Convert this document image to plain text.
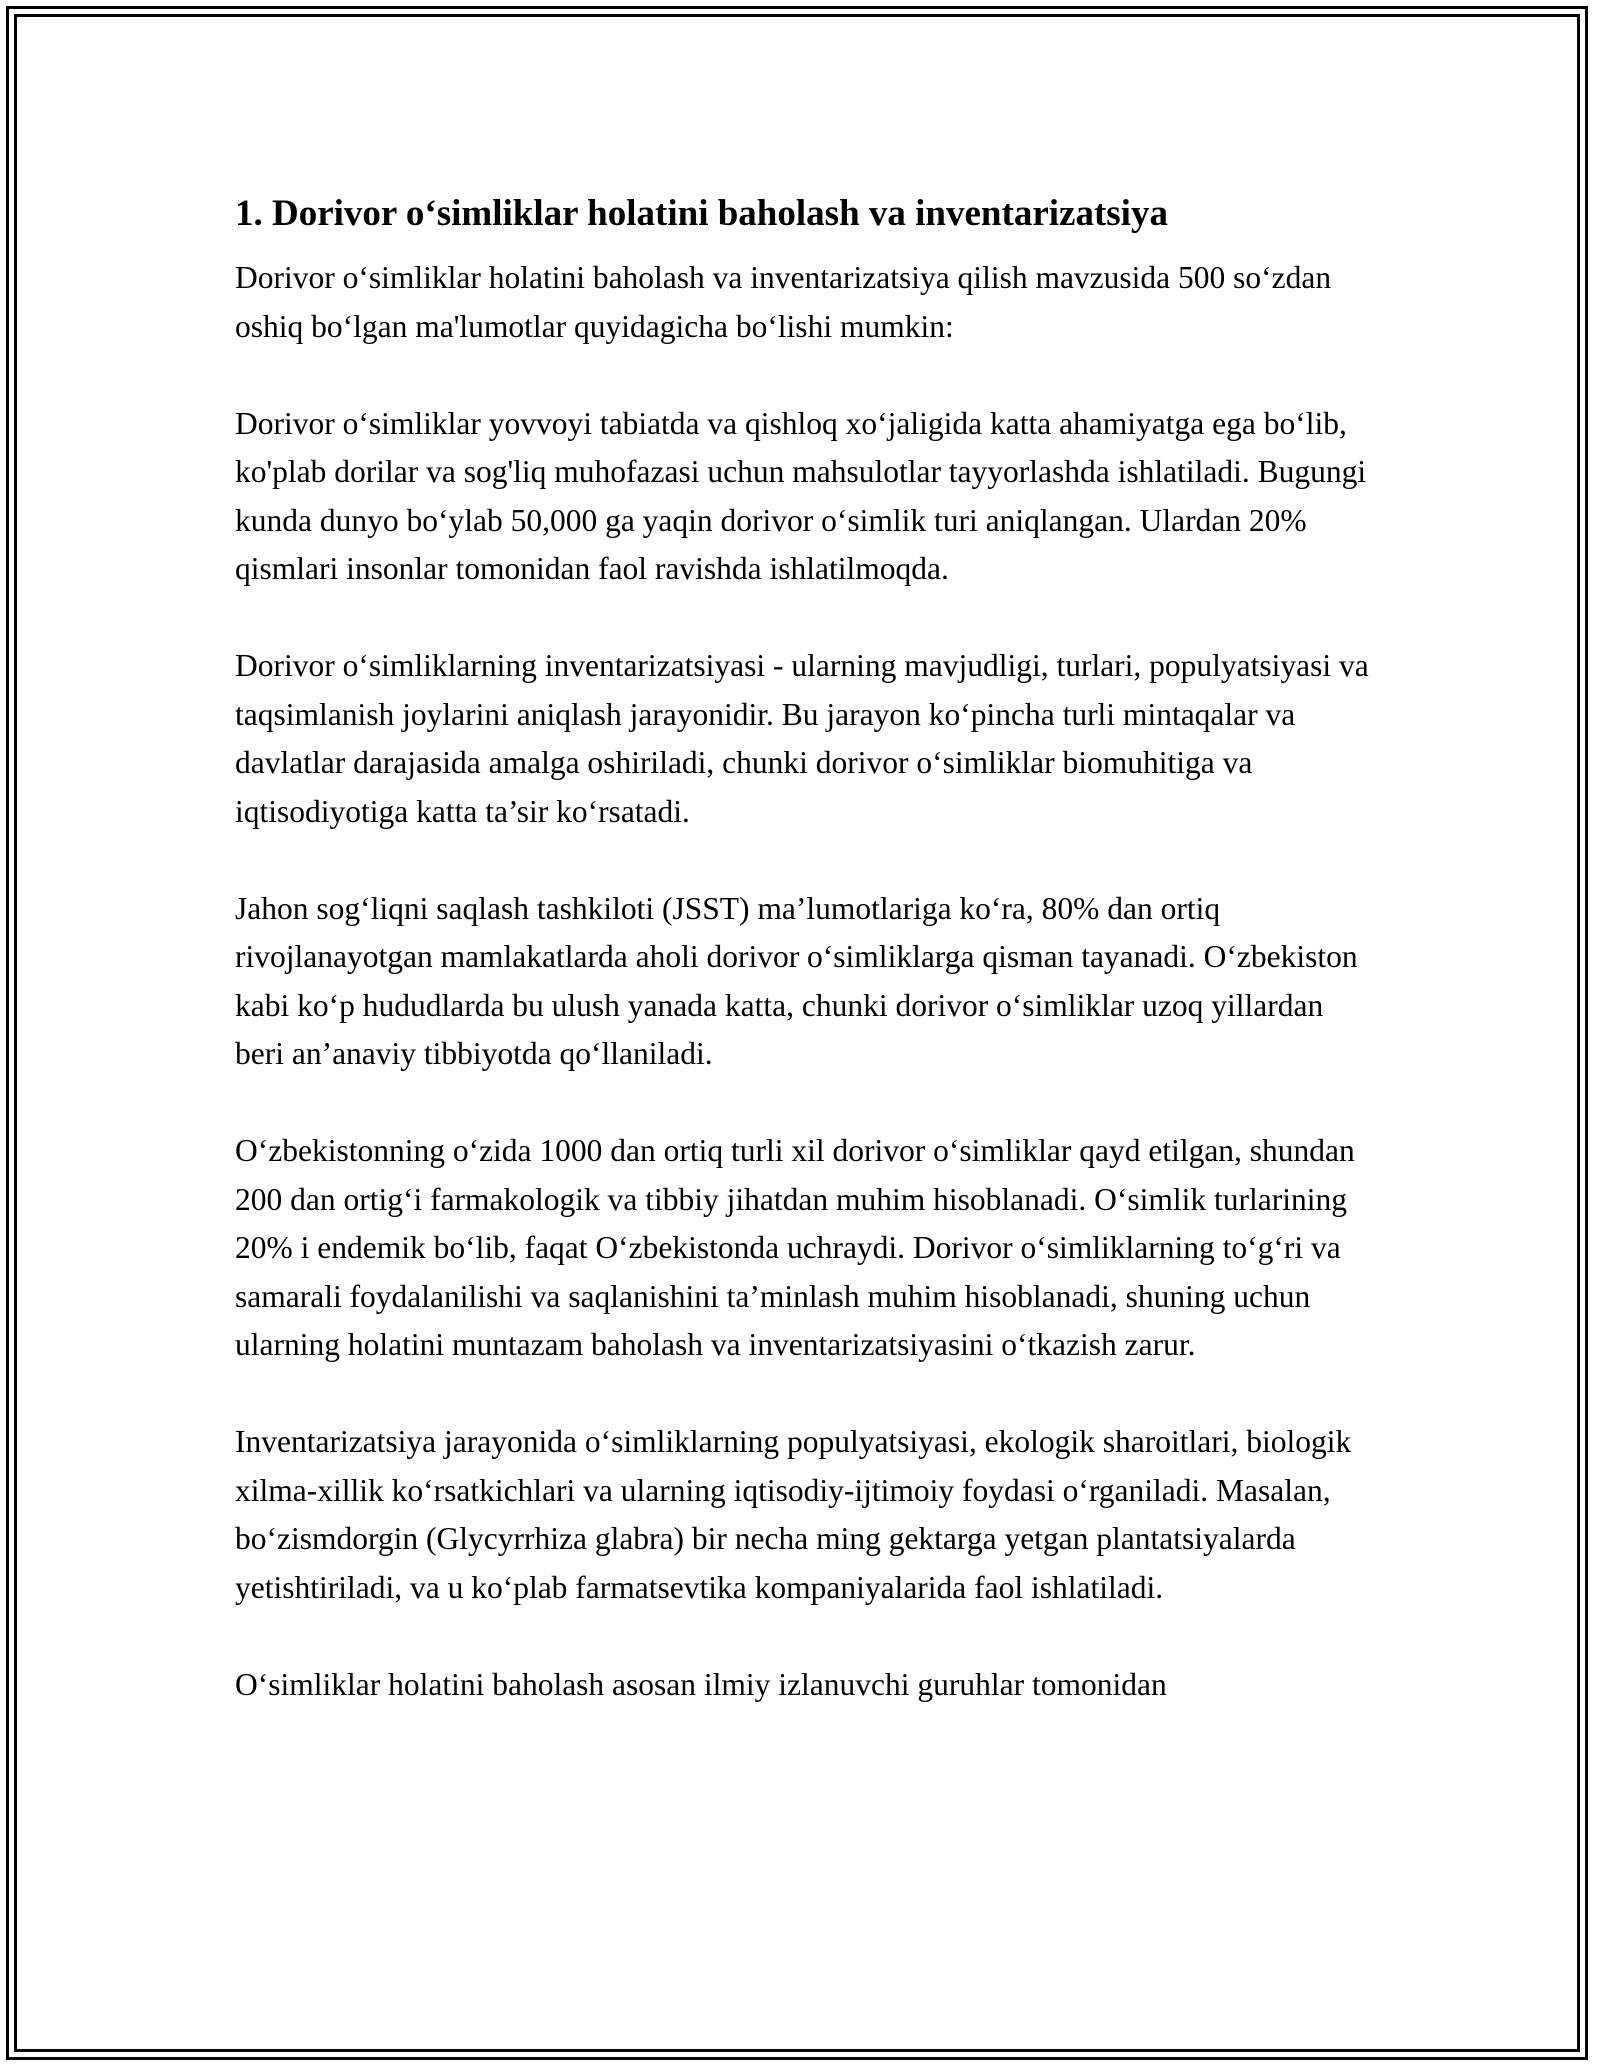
1. Dorivor o‘simliklar holatini baholash va inventarizatsiya

Dorivor o‘simliklar holatini baholash va inventarizatsiya qilish mavzusida 500 so‘zdan oshiq bo‘lgan ma'lumotlar quyidagicha bo‘lishi mumkin:

Dorivor o‘simliklar yovvoyi tabiatda va qishloq xo‘jaligida katta ahamiyatga ega bo‘lib, ko'plab dorilar va sog'liq muhofazasi uchun mahsulotlar tayyorlashda ishlatiladi. Bugungi kunda dunyo bo‘ylab 50,000 ga yaqin dorivor o‘simlik turi aniqlangan. Ulardan 20% qismlari insonlar tomonidan faol ravishda ishlatilmoqda.

Dorivor o‘simliklarning inventarizatsiyasi - ularning mavjudligi, turlari, populyatsiyasi va taqsimlanish joylarini aniqlash jarayonidir. Bu jarayon ko‘pincha turli mintaqalar va davlatlar darajasida amalga oshiriladi, chunki dorivor o‘simliklar biomuhitiga va iqtisodiyotiga katta ta’sir ko‘rsatadi.

Jahon sog‘liqni saqlash tashkiloti (JSST) ma’lumotlariga ko‘ra, 80% dan ortiq rivojlanayotgan mamlakatlarda aholi dorivor o‘simliklarga qisman tayanadi. O‘zbekiston kabi ko‘p hududlarda bu ulush yanada katta, chunki dorivor o‘simliklar uzoq yillardan beri an’anaviy tibbiyotda qo‘llaniladi.

O‘zbekistonning o‘zida 1000 dan ortiq turli xil dorivor o‘simliklar qayd etilgan, shundan 200 dan ortig‘i farmakologik va tibbiy jihatdan muhim hisoblanadi. O‘simlik turlarining 20% i endemik bo‘lib, faqat O‘zbekistonda uchraydi. Dorivor o‘simliklarning to‘g‘ri va samarali foydalanilishi va saqlanishini ta’minlash muhim hisoblanadi, shuning uchun ularning holatini muntazam baholash va inventarizatsiyasini o‘tkazish zarur.

Inventarizatsiya jarayonida o‘simliklarning populyatsiyasi, ekologik sharoitlari, biologik xilma-xillik ko‘rsatkichlari va ularning iqtisodiy-ijtimoiy foydasi o‘rganiladi. Masalan, bo‘zismdorgin (Glycyrrhiza glabra) bir necha ming gektarga yetgan plantatsiyalarda yetishtiriladi, va u ko‘plab farmatsevtika kompaniyalarida faol ishlatiladi.

O‘simliklar holatini baholash asosan ilmiy izlanuvchi guruhlar tomonidan
